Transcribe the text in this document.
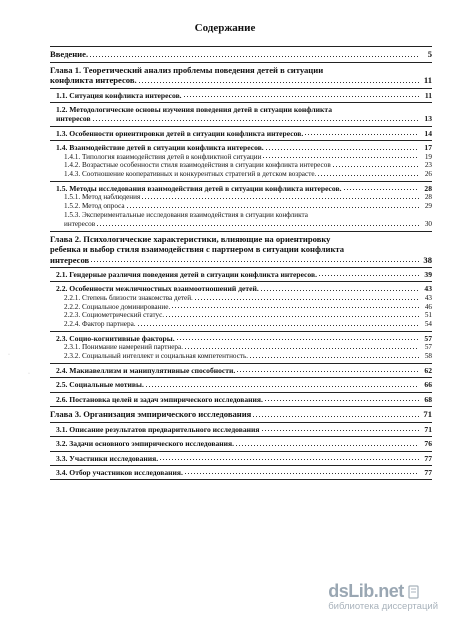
Содержание
Введение.	5
Глава 1. Теоретический анализ проблемы поведения детей в ситуации
конфликта интересов.	11
1.1. Ситуация конфликта интересов.	11
1.2. Методологические основы изучения поведения детей в ситуации конфликта
интересов	13
1.3. Особенности ориентировки детей в ситуации конфликта интересов.	14
1.4. Взаимодействие детей в ситуации конфликта интересов.	17
1.4.1. Типология взаимодействия детей в конфликтной ситуации	19
1.4.2. Возрастные особенности стиля взаимодействия в ситуации конфликта интересов	23
1.4.3. Соотношение кооперативных и конкурентных стратегий в детском возрасте.	26
1.5. Методы исследования взаимодействия детей в ситуации конфликта интересов.	28
1.5.1. Метод наблюдения	28
1.5.2. Метод опроса	29
1.5.3. Экспериментальные исследования взаимодействия в ситуации конфликта
интересов	30
Глава 2. Психологические характеристики, влияющие на ориентировку
ребенка и выбор стиля взаимодействия с партнером в ситуации конфликта
интересов	38
2.1. Гендерные различия поведения детей в ситуации конфликта интересов.	39
2.2. Особенности межличностных взаимоотношений детей.	43
2.2.1. Степень близости знакомства детей.	43
2.2.2. Социальное доминирование.	46
2.2.3. Социометрический статус.	51
2.2.4. Фактор партнера.	54
2.3. Социо-когнитивные факторы.	57
2.3.1. Понимание намерений партнера.	57
2.3.2. Социальный интеллект и социальная компетентность.	58
2.4. Макиавеллизм и манипулятивные способности.	62
2.5. Социальные мотивы.	66
2.6. Постановка целей и задач эмпирического исследования.	68
Глава 3. Организация эмпирического исследования	71
3.1. Описание результатов предварительного исследования	71
3.2. Задачи основного эмпирического исследования.	76
3.3. Участники исследования.	77
3.4. Отбор участников исследования.	77
·
·
dsLib.net
библиотека диссертаций
